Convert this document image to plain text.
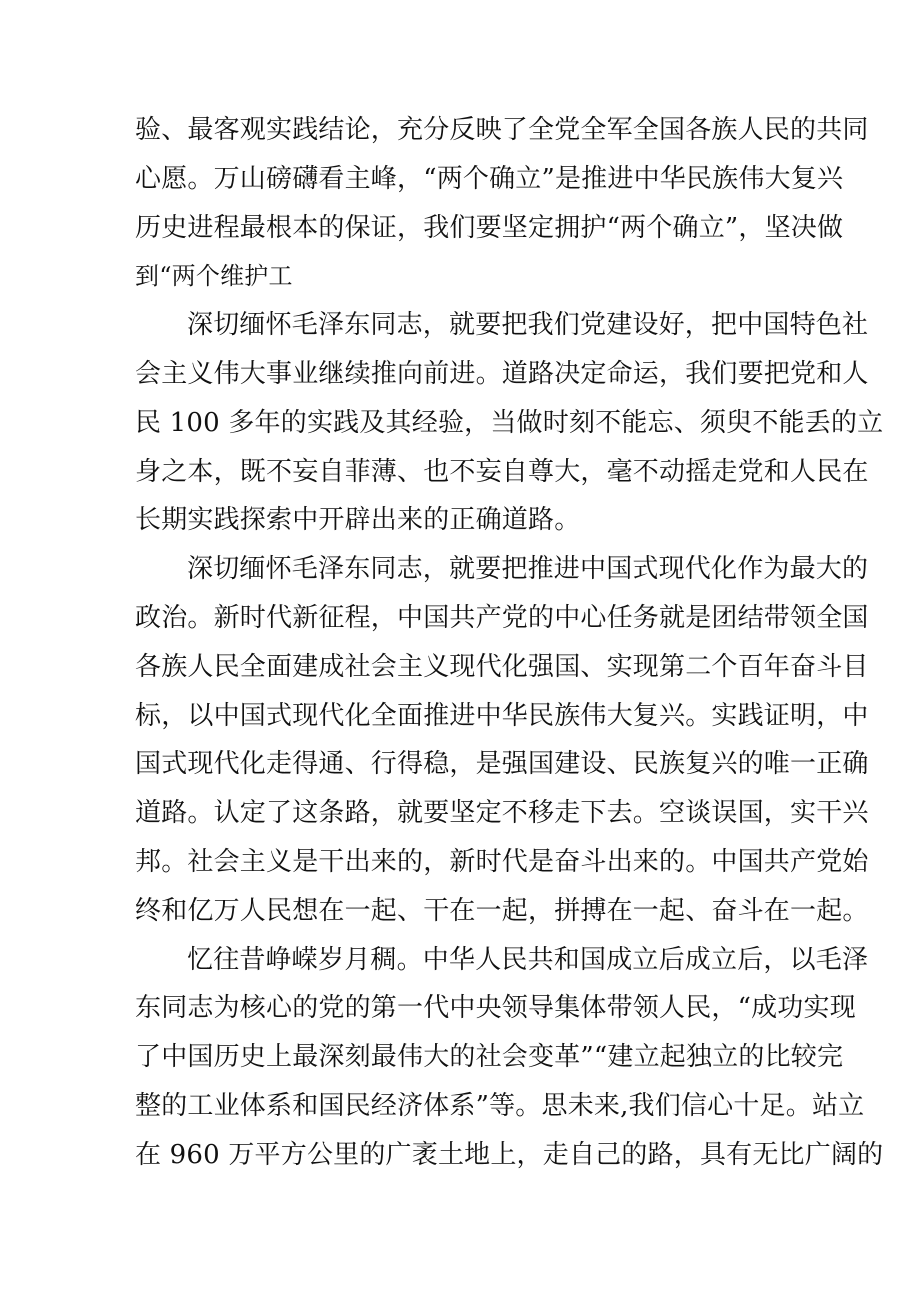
验、最客观实践结论，充分反映了全党全军全国各族人民的共同
心愿。万山磅礴看主峰，“两个确立”是推进中华民族伟大复兴
历史进程最根本的保证，我们要坚定拥护“两个确立”，坚决做
到“两个维护工
深切缅怀毛泽东同志，就要把我们党建设好，把中国特色社
会主义伟大事业继续推向前进。道路决定命运，我们要把党和人
民 100 多年的实践及其经验，当做时刻不能忘、须臾不能丢的立
身之本，既不妄自菲薄、也不妄自尊大，毫不动摇走党和人民在
长期实践探索中开辟出来的正确道路。
深切缅怀毛泽东同志，就要把推进中国式现代化作为最大的
政治。新时代新征程，中国共产党的中心任务就是团结带领全国
各族人民全面建成社会主义现代化强国、实现第二个百年奋斗目
标，以中国式现代化全面推进中华民族伟大复兴。实践证明，中
国式现代化走得通、行得稳，是强国建设、民族复兴的唯一正确
道路。认定了这条路，就要坚定不移走下去。空谈误国，实干兴
邦。社会主义是干出来的，新时代是奋斗出来的。中国共产党始
终和亿万人民想在一起、干在一起，拼搏在一起、奋斗在一起。
忆往昔峥嵘岁月稠。中华人民共和国成立后成立后，以毛泽
东同志为核心的党的第一代中央领导集体带领人民，“成功实现
了中国历史上最深刻最伟大的社会变革”“建立起独立的比较完
整的工业体系和国民经济体系”等。思未来,我们信心十足。站立
在 960 万平方公里的广袤土地上，走自己的路，具有无比广阔的
